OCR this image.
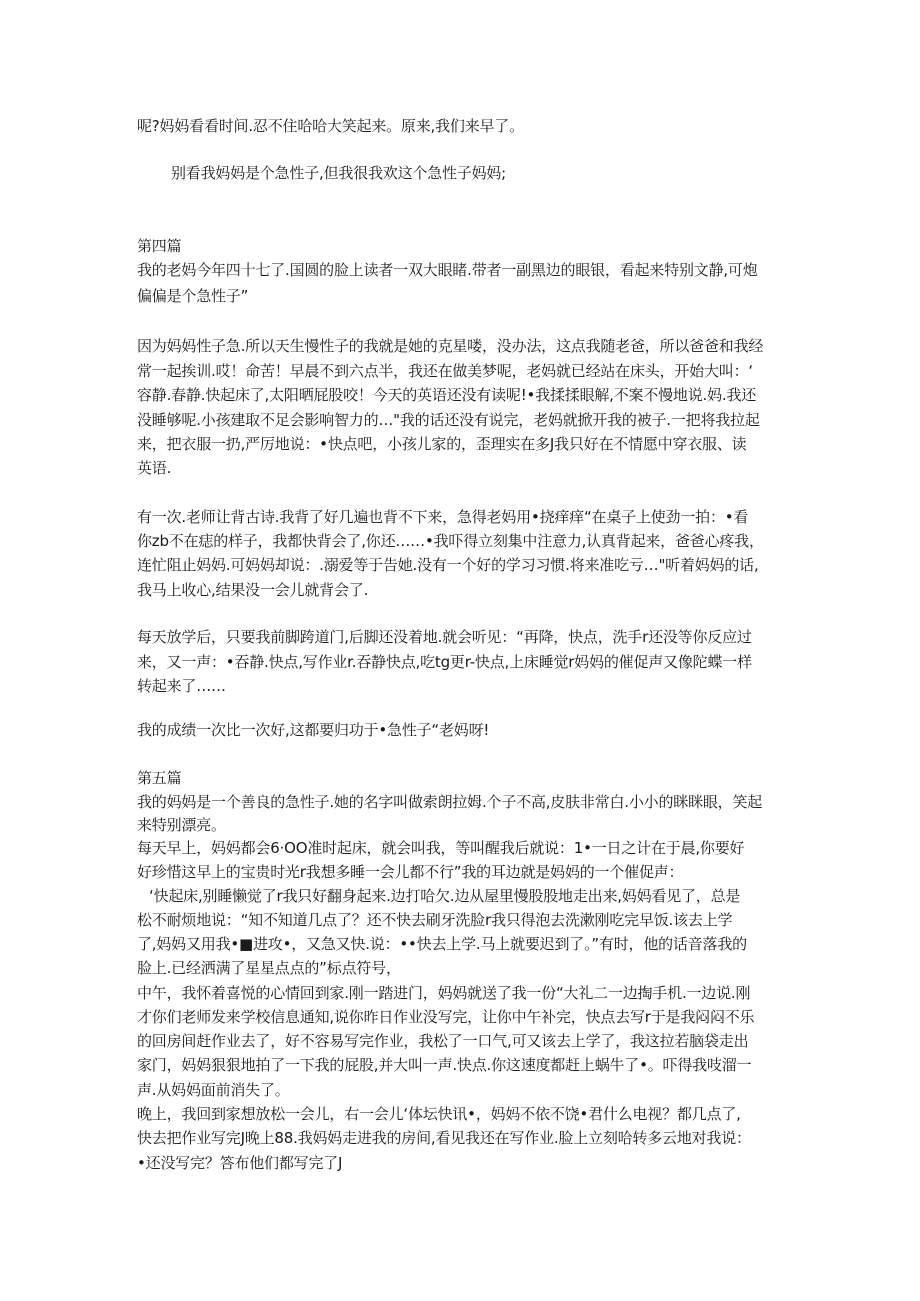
呢?妈妈看看时间.忍不住哈哈大笑起来。原来,我们来早了。
别看我妈妈是个急性子,但我很我欢这个急性子妈妈;
第四篇
我的老妈今年四十七了.国圆的脸上读者一双大眼睹.带者一副黑边的眼银，看起来特别文静,可炮
偏偏是个急性子”
因为妈妈性子急.所以天生慢性子的我就是她的克星喽，没办法，这点我随老爸，所以爸爸和我经
常一起挨训.哎！命苦！早晨不到六点半，我还在做美梦呢，老妈就已经站在床头，开始大叫：‘
容静.春静.快起床了,太阳晒屁股咬！今天的英语还没有读呢!•我揉揉眼解,不案不慢地说.妈.我还
没睡够呢.小孩建取不足会影响智力的…"我的话还没有说完，老妈就掀开我的被子.一把将我拉起
来，把衣服一扔,严厉地说：•快点吧，小孩儿家的，歪理实在多J我只好在不情愿中穿衣服、读
英语.
有一次.老师让背古诗.我背了好几遍也背不下来，急得老妈用•挠痒痒“在桌子上使劲一拍：•看
你zb不在痣的样子，我都快背会了,你还……•我吓得立刻集中注意力,认真背起来，爸爸心疼我，
连忙阻止妈妈.可妈妈却说：.溺爱等于告她.没有一个好的学习习惯.将来准吃亏…"听着妈妈的话,
我马上收心,结果没一会儿就背会了.
每天放学后，只要我前脚跨道门,后脚还没着地.就会听见：“再降，快点，洗手r还没等你反应过
来，又一声：•吞静.快点,写作业r.吞静快点,吃tg更r-快点,上床睡觉r妈妈的催促声又像陀蝶一样
转起来了……
我的成绩一次比一次好,这都要归功于•急性子“老妈呀!
第五篇
我的妈妈是一个善良的急性子.她的名字叫做索朗拉姆.个子不高,皮肤非常白.小小的眯眯眼，笑起
来特别漂亮。
每天早上，妈妈都会6·OO准时起床，就会叫我，等叫醒我后就说：1•一日之计在于晨,你要好
好珍惜这早上的宝贵时光r我想多睡一会儿都不行”我的耳边就是妈妈的一个催促声：
‘快起床,别睡懒觉了r我只好翻身起来.边打哈欠.边从屋里慢股股地走出来,妈妈看见了，总是
松不耐烦地说：“知不知道几点了？还不快去刷牙洗脸r我只得泡去洗漱刚吃完早饭.该去上学
了,妈妈又用我•■进攻•，又急又快.说：••快去上学.马上就要迟到了。”有时，他的话音落我的
脸上.已经洒满了星星点点的”标点符号，
中午，我怀着喜悦的心情回到家.刚一踏进门，妈妈就送了我一份“大礼二一边掏手机.一边说.刚
才你们老师发来学校信息通知,说你昨日作业没写完，让你中午补完，快点去写r于是我闷闷不乐
的回房间赶作业去了，好不容易写完作业，我松了一口气,可又该去上学了，我这拉若脑袋走出
家门，妈妈狠狠地拍了一下我的屁股,并大叫一声.快点.你这速度都赶上蜗牛了•。吓得我吱溜一
声.从妈妈面前消失了。
晚上，我回到家想放松一会儿，右一会儿‘体坛快讯•，妈妈不依不饶•君什么电视？都几点了,
快去把作业写完J晚上88.我妈妈走进我的房间,看见我还在写作业.脸上立刻哈转多云地对我说：
•还没写完？答布他们都写完了J
